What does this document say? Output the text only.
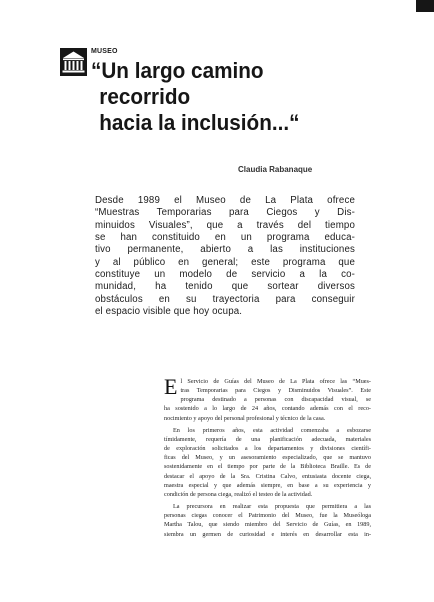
MUSEO
“Un largo camino
recorrido
hacia la inclusión...“
Claudia Rabanaque
Desde 1989 el Museo de La Plata ofrece
“Muestras Temporarias para Ciegos y Dis-
minuidos Visuales”, que a través del tiempo
se han constituido en un programa educa-
tivo permanente, abierto a las instituciones
y al público en general; este programa que
constituye un modelo de servicio a la co-
munidad, ha tenido que sortear diversos
obstáculos en su trayectoria para conseguir
el espacio visible que hoy ocupa.
E l Servicio de Guías del Museo de La Plata ofrece las “Mues-
tras Temporarias para Ciegos y Disminuidos Visuales”. Este
programa destinado a personas con discapacidad visual, se
ha sostenido a lo largo de 24 años, contando además con el reco-
nocimiento y apoyo del personal profesional y técnico de la casa.
En los primeros años, esta actividad comenzaba a esbozarse
tímidamente, requería de una planificación adecuada, materiales
de exploración solicitados a los departamentos y divisiones científi-
ficas del Museo, y un asesoramiento especializado, que se mantuvo
sostenidamente en el tiempo por parte de la Biblioteca Braille. Es de
destacar el apoyo de la Sra. Cristina Calvo, entusiasta docente ciega,
maestra especial y que además siempre, en base a su experiencia y
condición de persona ciega, realizó el testeo de la actividad.
La precursora en realizar esta propuesta que permitiera a las
personas ciegas conocer el Patrimonio del Museo, fue la Museóloga
Martha Talou, que siendo miembro del Servicio de Guías, en 1989,
siembra un germen de curiosidad e interés en desarrollar esta in-
